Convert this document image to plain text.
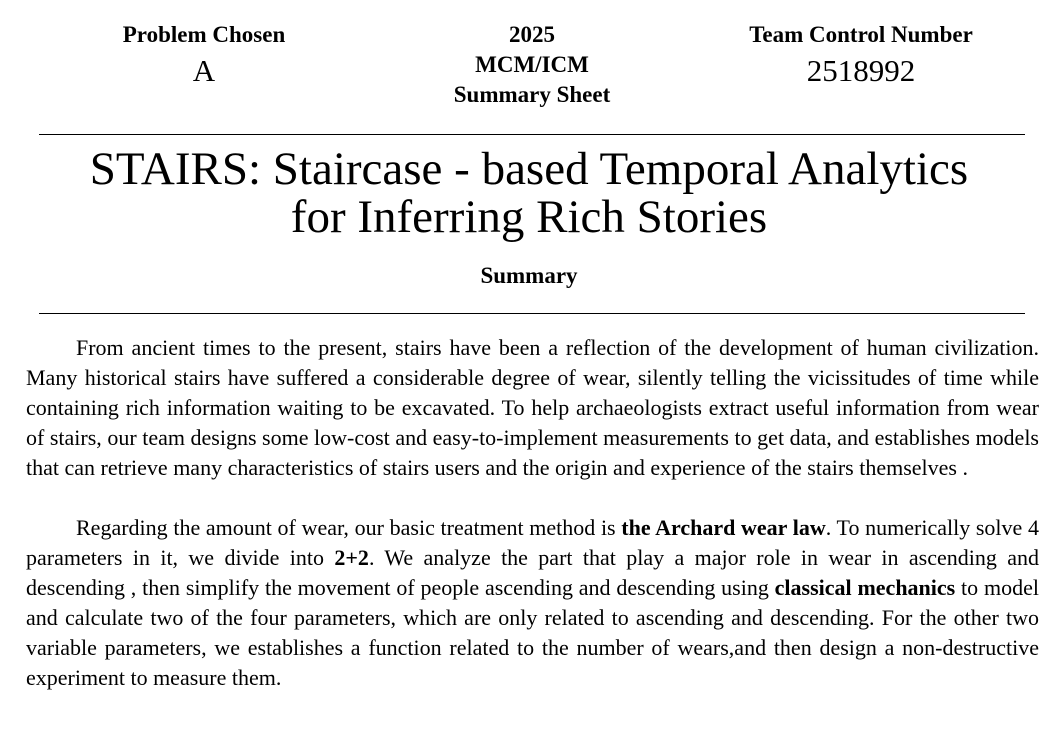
Problem Chosen
A
2025
MCM/ICM
Summary Sheet
Team Control Number
2518992
STAIRS: Staircase - based Temporal Analytics
for Inferring Rich Stories
Summary

From ancient times to the present, stairs have been a reflection of the development of human civilization. Many historical stairs have suffered a considerable degree of wear, silently telling the vicissitudes of time while containing rich information waiting to be excavated. To help archaeologists extract useful information from wear of stairs, our team designs some low-cost and easy-to-implement measurements to get data, and establishes models that can retrieve many characteristics of stairs users and the origin and experience of the stairs themselves .

Regarding the amount of wear, our basic treatment method is the Archard wear law. To numerically solve 4 parameters in it, we divide into 2+2. We analyze the part that play a major role in wear in ascending and descending , then simplify the movement of people ascending and descending using classical mechanics to model and calculate two of the four parameters, which are only related to ascending and descending. For the other two variable parameters, we establishes a function related to the number of wears,and then design a non-destructive experiment to measure them.
